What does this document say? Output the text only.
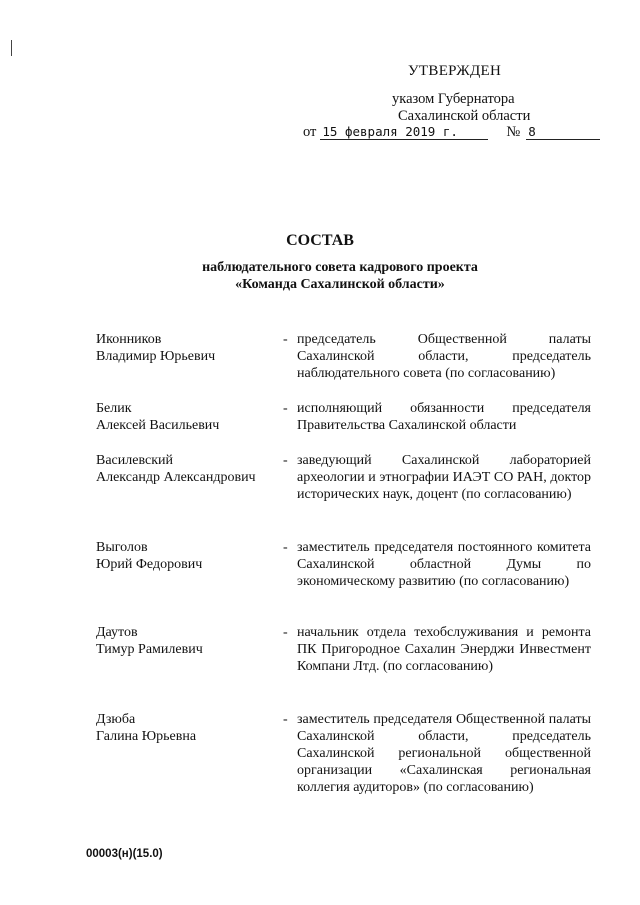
УТВЕРЖДЕН
указом Губернатора
Сахалинской области
от 15 февраля 2019 г.	№ 8
СОСТАВ
наблюдательного совета кадрового проекта
«Команда Сахалинской области»
Иконников
Владимир Юрьевич
- председатель Общественной палаты Сахалинской области, председатель наблюдательного совета (по согласованию)
Белик
Алексей Васильевич
- исполняющий обязанности председателя Правительства Сахалинской области
Василевский
Александр Александрович
- заведующий Сахалинской лабораторией археологии и этнографии ИАЭТ СО РАН, доктор исторических наук, доцент (по согласованию)
Выголов
Юрий Федорович
- заместитель председателя постоянного комитета Сахалинской областной Думы по экономическому развитию (по согласованию)
Даутов
Тимур Рамилевич
- начальник отдела техобслуживания и ремонта ПК Пригородное Сахалин Энерджи Инвестмент Компани Лтд. (по согласованию)
Дзюба
Галина Юрьевна
- заместитель председателя Общественной палаты Сахалинской области, председатель Сахалинской региональной общественной организации «Сахалинская региональная коллегия аудиторов» (по согласованию)
00003(н)(15.0)
